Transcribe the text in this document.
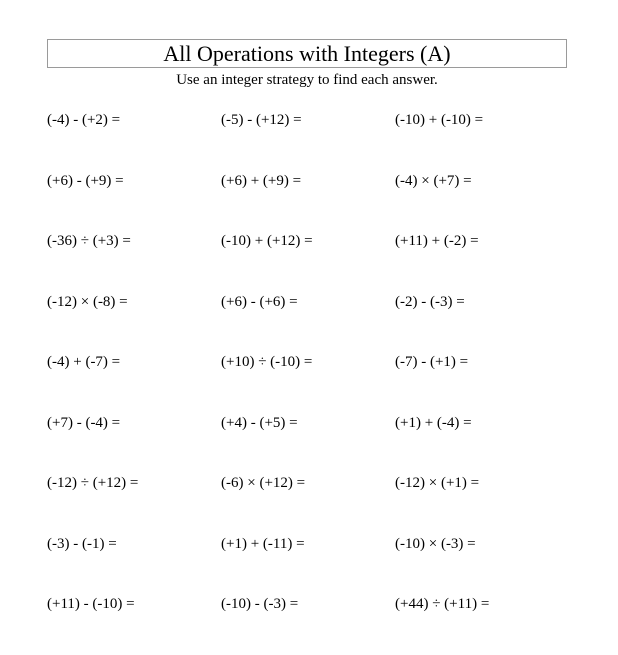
All Operations with Integers (A)
Use an integer strategy to find each answer.
(-4) - (+2) =	(-5) - (+12) =	(-10) + (-10) =
(+6) - (+9) =	(+6) + (+9) =	(-4) × (+7) =
(-36) ÷ (+3) =	(-10) + (+12) =	(+11) + (-2) =
(-12) × (-8) =	(+6) - (+6) =	(-2) - (-3) =
(-4) + (-7) =	(+10) ÷ (-10) =	(-7) - (+1) =
(+7) - (-4) =	(+4) - (+5) =	(+1) + (-4) =
(-12) ÷ (+12) =	(-6) × (+12) =	(-12) × (+1) =
(-3) - (-1) =	(+1) + (-11) =	(-10) × (-3) =
(+11) - (-10) =	(-10) - (-3) =	(+44) ÷ (+11) =
